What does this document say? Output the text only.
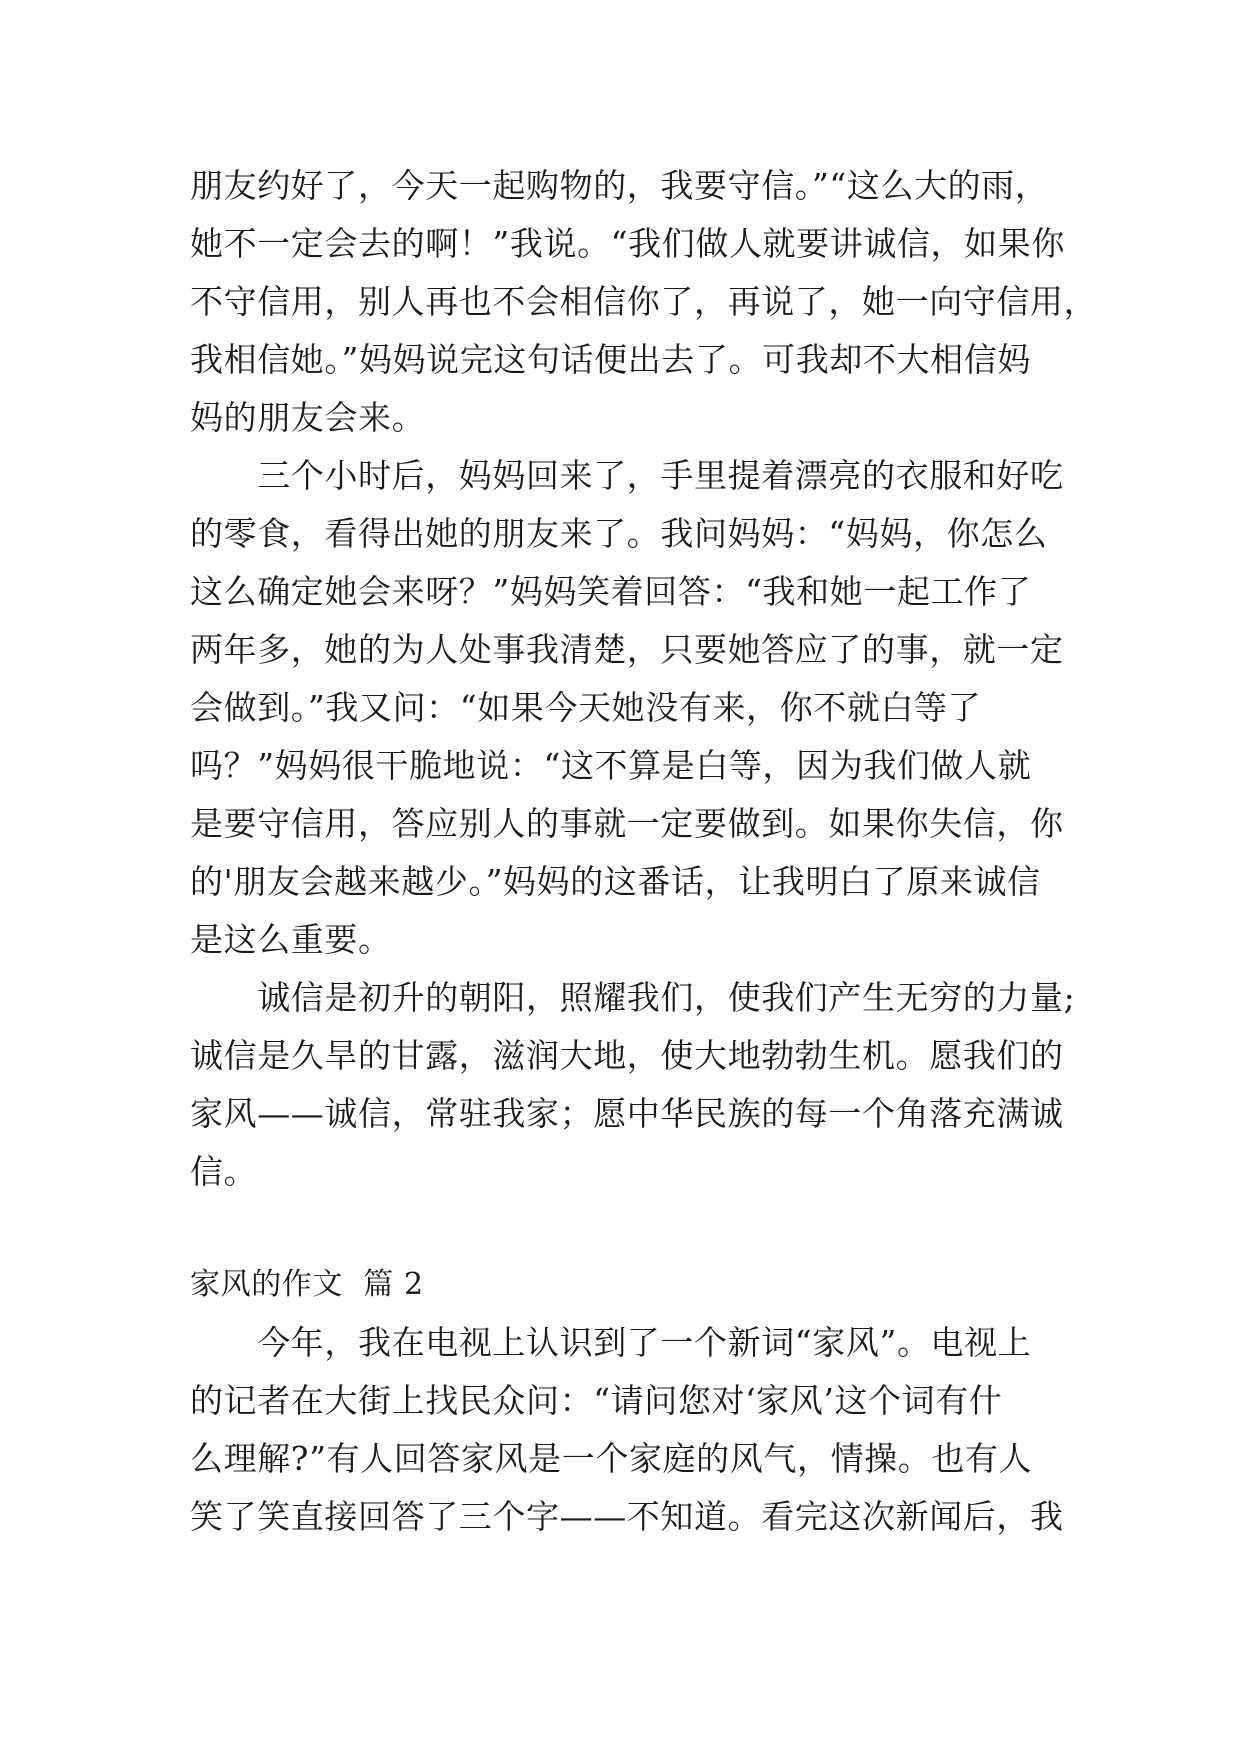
朋友约好了，今天一起购物的，我要守信。”“这么大的雨，
她不一定会去的啊！”我说。“我们做人就要讲诚信，如果你
不守信用，别人再也不会相信你了，再说了，她一向守信用，
我相信她。”妈妈说完这句话便出去了。可我却不大相信妈
妈的朋友会来。
　　三个小时后，妈妈回来了，手里提着漂亮的衣服和好吃
的零食，看得出她的朋友来了。我问妈妈：“妈妈，你怎么
这么确定她会来呀？”妈妈笑着回答：“我和她一起工作了
两年多，她的为人处事我清楚，只要她答应了的事，就一定
会做到。”我又问：“如果今天她没有来，你不就白等了
吗？”妈妈很干脆地说：“这不算是白等，因为我们做人就
是要守信用，答应别人的事就一定要做到。如果你失信，你
的'朋友会越来越少。”妈妈的这番话，让我明白了原来诚信
是这么重要。
　　诚信是初升的朝阳，照耀我们，使我们产生无穷的力量;
诚信是久旱的甘露，滋润大地，使大地勃勃生机。愿我们的
家风——诚信，常驻我家；愿中华民族的每一个角落充满诚
信。
家风的作文  篇 2
　　今年，我在电视上认识到了一个新词“家风”。电视上
的记者在大街上找民众问：“请问您对‘家风’这个词有什
么理解?”有人回答家风是一个家庭的风气，情操。也有人
笑了笑直接回答了三个字——不知道。看完这次新闻后，我
